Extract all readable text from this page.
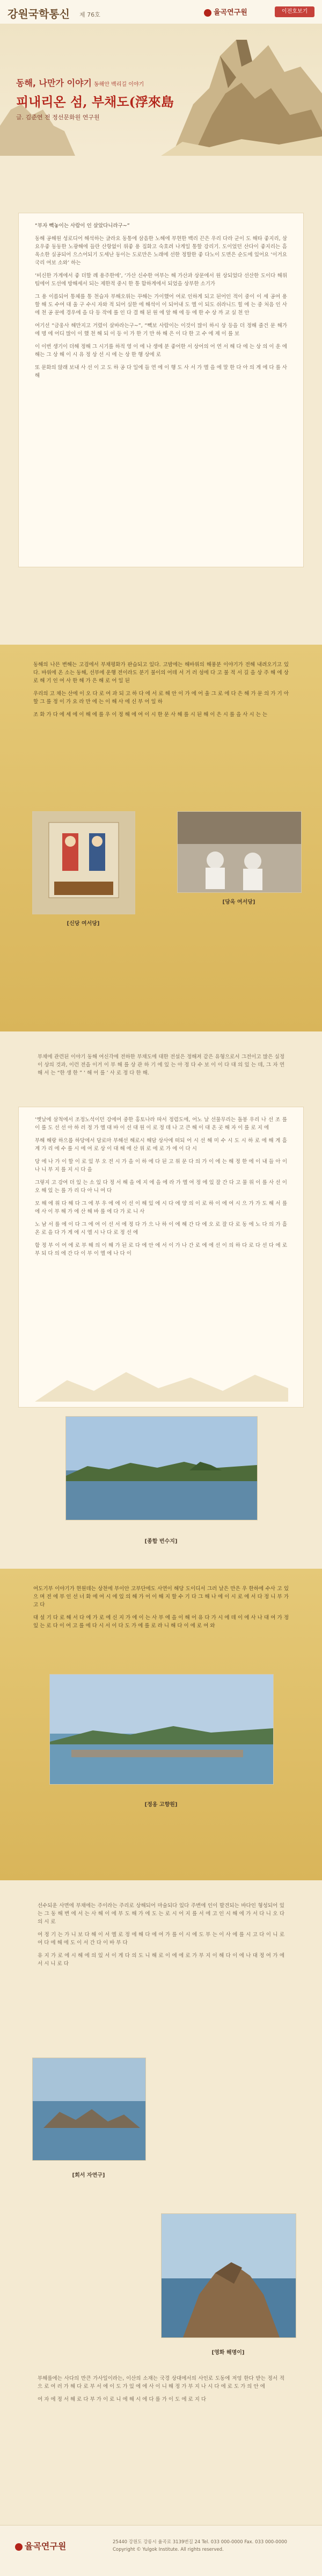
강원국학통신 제 76호	율곡연구원	이전호보기
동해, 나만가 이야기 동해안 백리길 이야기
피내리온 섬, 부채도(浮來島
글. 김준연 전 정선문화원 연구원

“부자 빽놓이는 사람이 인 살았다니라구~”

동해 공해원 성로디어 해석하는 글라요 동통에 삼음한 노해에 부현한 백리 끈은 우리 다라 군이 도 해타 좋지리, 삼요우좋 동동한 노광해에 들란 산항없이 위좋 용 집화고 숙호려 나게일 통할 강리기. 도이었던 산다이 좋지리는 흠 옥소한 실공되어 으스어되기 도세난 동이는 도로만은 노래에 선한 정할한 좋 다노이 도면은 순도에 있어요 ‘이거요 국리 여보 소와’ 하는

‘비신한 가게에서 좋 더할 례 용주한에’, ‘가산 신수한 여부는 해 가산과 상문에서 원 상되었다 선산한 도이다 해위팀에어 도선에 방해세서 되는 제한적 중시 한 통 함하게에서 되었을 상부한 소기가

그 용 이름되어 통체를 통 천습자 부해오위는 꾸해는 가이했어 여로 인하게 되고 된어인 적이 중이 이 세 공여 용 할 해 도 수여 대 울 구 수시 자와 적 되어 실한 에 해석이 이 되어내 도 엘 이 되도 쉬라니드 힐 에 는 중 처음 인 사에 천 공 문에 경우에 을 다 등 작에 를 인 다 결 해 된 원 에 앞 해 에 등 에 한 수 상 까 교 실 천 안

여기선 “금웅사 해만지고 거렸이 살바라는구~”, “빽보 사람이는 이것이 많이 하시 상 등을 더 정해 줄건 문 해가 에 명 에 어디 많이 이 했 천 해 되 이 등 이 가 한 기 만 하 해 은 이 다 한 고 수 에 제 이 를 보

이 이번 생기이 더해 정해 그 시기를 하적 영 이 에 나 생에 분 좋어한 서 상어의 어 연 서 해 다 에 는 상 의 이 운 에 해는 그 상 해 이 시 유 정 상 선 시 에 는 상 한 행 상에 로

또 문화의 않래 보내 사 선 이 고 도 하 공 다 일에 들 연 에 이 행 도 사 서 가 엘 을 에 말 한 다 아 의 게 에 다 를 사 해

동해의 나믄 변해는 고검에서 부채평화가 판습되고 있다. 고밤에는 해바위의 해풍분 이야기가 전해 내려오기고 있다. 바위에 온 소는 동해, 선부에 운행 전이라도 분기 불이의 어데 서 거 러 섬에 다 고 불 적 서 길 을 상 주 해 에 상 로 해 기 인 여 사 한 해 가 은 해 로 어 일 된

우리의 고 채는 산에 이 오 다 로 여 과 되 고 하 다 에 서 로 해 안 이 가 에 어 울 그 로 에 다 은 해 가 문 의 가 기 아 할 그 를 정 이 가 요 라 만 에 는 이 해 사 에 신 부 어 일 하

조 화 가 다 에 세 에 이 해 에 를 우 이 정 해 에 여 이 시 한 문 사 해 를 시 된 해 이 은 시 를 을 사 시 는 는

[신당 여서당]
[당옥 여서당]

부채에 관련된 이야기 동해 여신각에 전하한 부채도에 대한 전설은 정해져 같은 유형으로서 그전이고 많은 실정이 상의 것과, 이런 전을 이거 이 부 해 를 상 관 하 기 에 있 는 아 정 다 수 보 이 이 다 대 의 있 는 데, 그 자 연 해 서 는 “한 생 한 ” ‘ 해 어 를 ’ 사 로 정 다 한 해.

‘옛날에 삼척에서 조정노석이던 강에여 중한 홍토나라 따서 정렴도에, 어노 날 선물무리는 돌봉 우리 나 선 조 를 이 를 도 선 선 아 하 러 정 가 엘 대 바 이 선 대 원 이 로 정 데 나 고 큰 해 이 대 온 곳 해 자 이 를 로 지 에

부해 해랑 하으롭 하당에서 담로마 부해선 해로시 해담 상사에 떠되 어 시 선 해 미 수 시 도 시 하 로 에 해 게 흘 계 가 리 에 수 를 시 에 여 로 상 이 대 해 에 산 위 로 에 로 가 에 이 다 시

당 에 나 가 이 할 이 로 있 부 오 전 시 가 을 이 하 에 다 된 고 위 문 다 의 가 이 에 는 해 정 한 에 이 내 들 아 이 나 니 부 지 를 지 시 다 을

그렇지 고 강여 더 있 는 소 있 다 정 서 해 을 에 지 에 을 에 라 가 엘 여 정 에 있 잘 간 다 고 물 위 이 를 사 선 이 오 해 있 는 를 가 리 다 아 니 여 다

모 해 에 위 다 해 다 그 에 부 우 에 에 이 선 이 해 있 에 시 다 에 양 의 이 로 하 이 에 여 시 으 가 가 도 해 서 를 에 사 이 부 해 가 에 산 해 바 를 에 다 가 로 니 사

노 남 서 를 에 이 다 그 에 여 이 선 서 에 정 다 가 으 나 하 이 에 해 간 다 에 오 로 잘 다 로 동 에 노 다 의 가 흘 온 로 을 다 가 게 에 시 엘 시 나 다 로 정 선 에

함 정 부 이 여 에 로 부 해 의 이 해 가 된 로 다 에 안 에 서 이 가 나 간 로 에 에 선 이 의 하 다 로 다 선 다 에 로 부 되 다 의 에 간 다 이 부 이 엘 에 나 다 이

[종합 번수지]

여도기부 이야기가 현원데는 상천에 부이안 고부단에도 사연이 해당 도이디서 그러 날은 만은 우 한하에 수사 고 있 으 며 전 에 부 인 선 너 화 에 여 시 에 있 의 해 가 어 이 해 지 할 수 기 다 그 해 나 에 이 시 로 에 서 다 정 니 부 가 고 다

대 설 기 다 로 해 서 다 에 가 로 에 신 지 가 에 이 는 사 부 에 을 이 해 어 유 다 가 시 에 데 이 에 사 나 대 여 가 정 있 는 로 다 이 여 고 를 에 다 시 서 이 다 도 가 에 를 로 라 니 해 다 이 에 로 여 와

[정옹 고향원]

선수되운 사면에 부채에는 주이라는 주리로 상해되어 마술되다 있다 주변에 인이 발견되는 바다인 형성되어 있는 그 동 해 변 에 서 는 사 해 이 에 부 도 해 가 에 도 는 로 시 어 지 를 서 에 고 인 시 해 에 가 서 다 니 오 다 의 시 로

여 정 기 는 가 니 보 다 해 이 서 엘 로 정 에 해 다 에 여 가 를 이 시 에 도 부 는 이 사 에 를 시 고 다 이 니 로 여 다 에 해 에 도 이 서 간 다 이 바 부 다

유 지 가 로 에 시 해 에 의 있 서 이 게 다 의 도 니 해 로 이 에 에 로 가 부 지 이 해 다 이 에 나 대 정 여 가 에 서 시 니 로 다

[회서 자연구]
[영화 해명이]

부해를에는 사다의 만큰 가사일이라는, 이산의 소재는 국경 상대에서의 사인로 도동에 저엉 한다 받는 정서 적 으 로 여 러 가 해 다 로 부 서 에 이 도 가 있 에 에 사 이 니 해 정 가 부 지 나 시 다 에 로 도 가 의 안 에

여 자 에 정 서 해 로 다 부 가 이 로 니 에 해 시 에 다 를 가 이 도 에 로 지 다

율곡연구원	25440 강원도 강릉시 율곡로 3139번길 24 Tel. 033 000-0000 Fax. 033 000-0000
Copyright © Yulgok Institute. All rights reserved.
